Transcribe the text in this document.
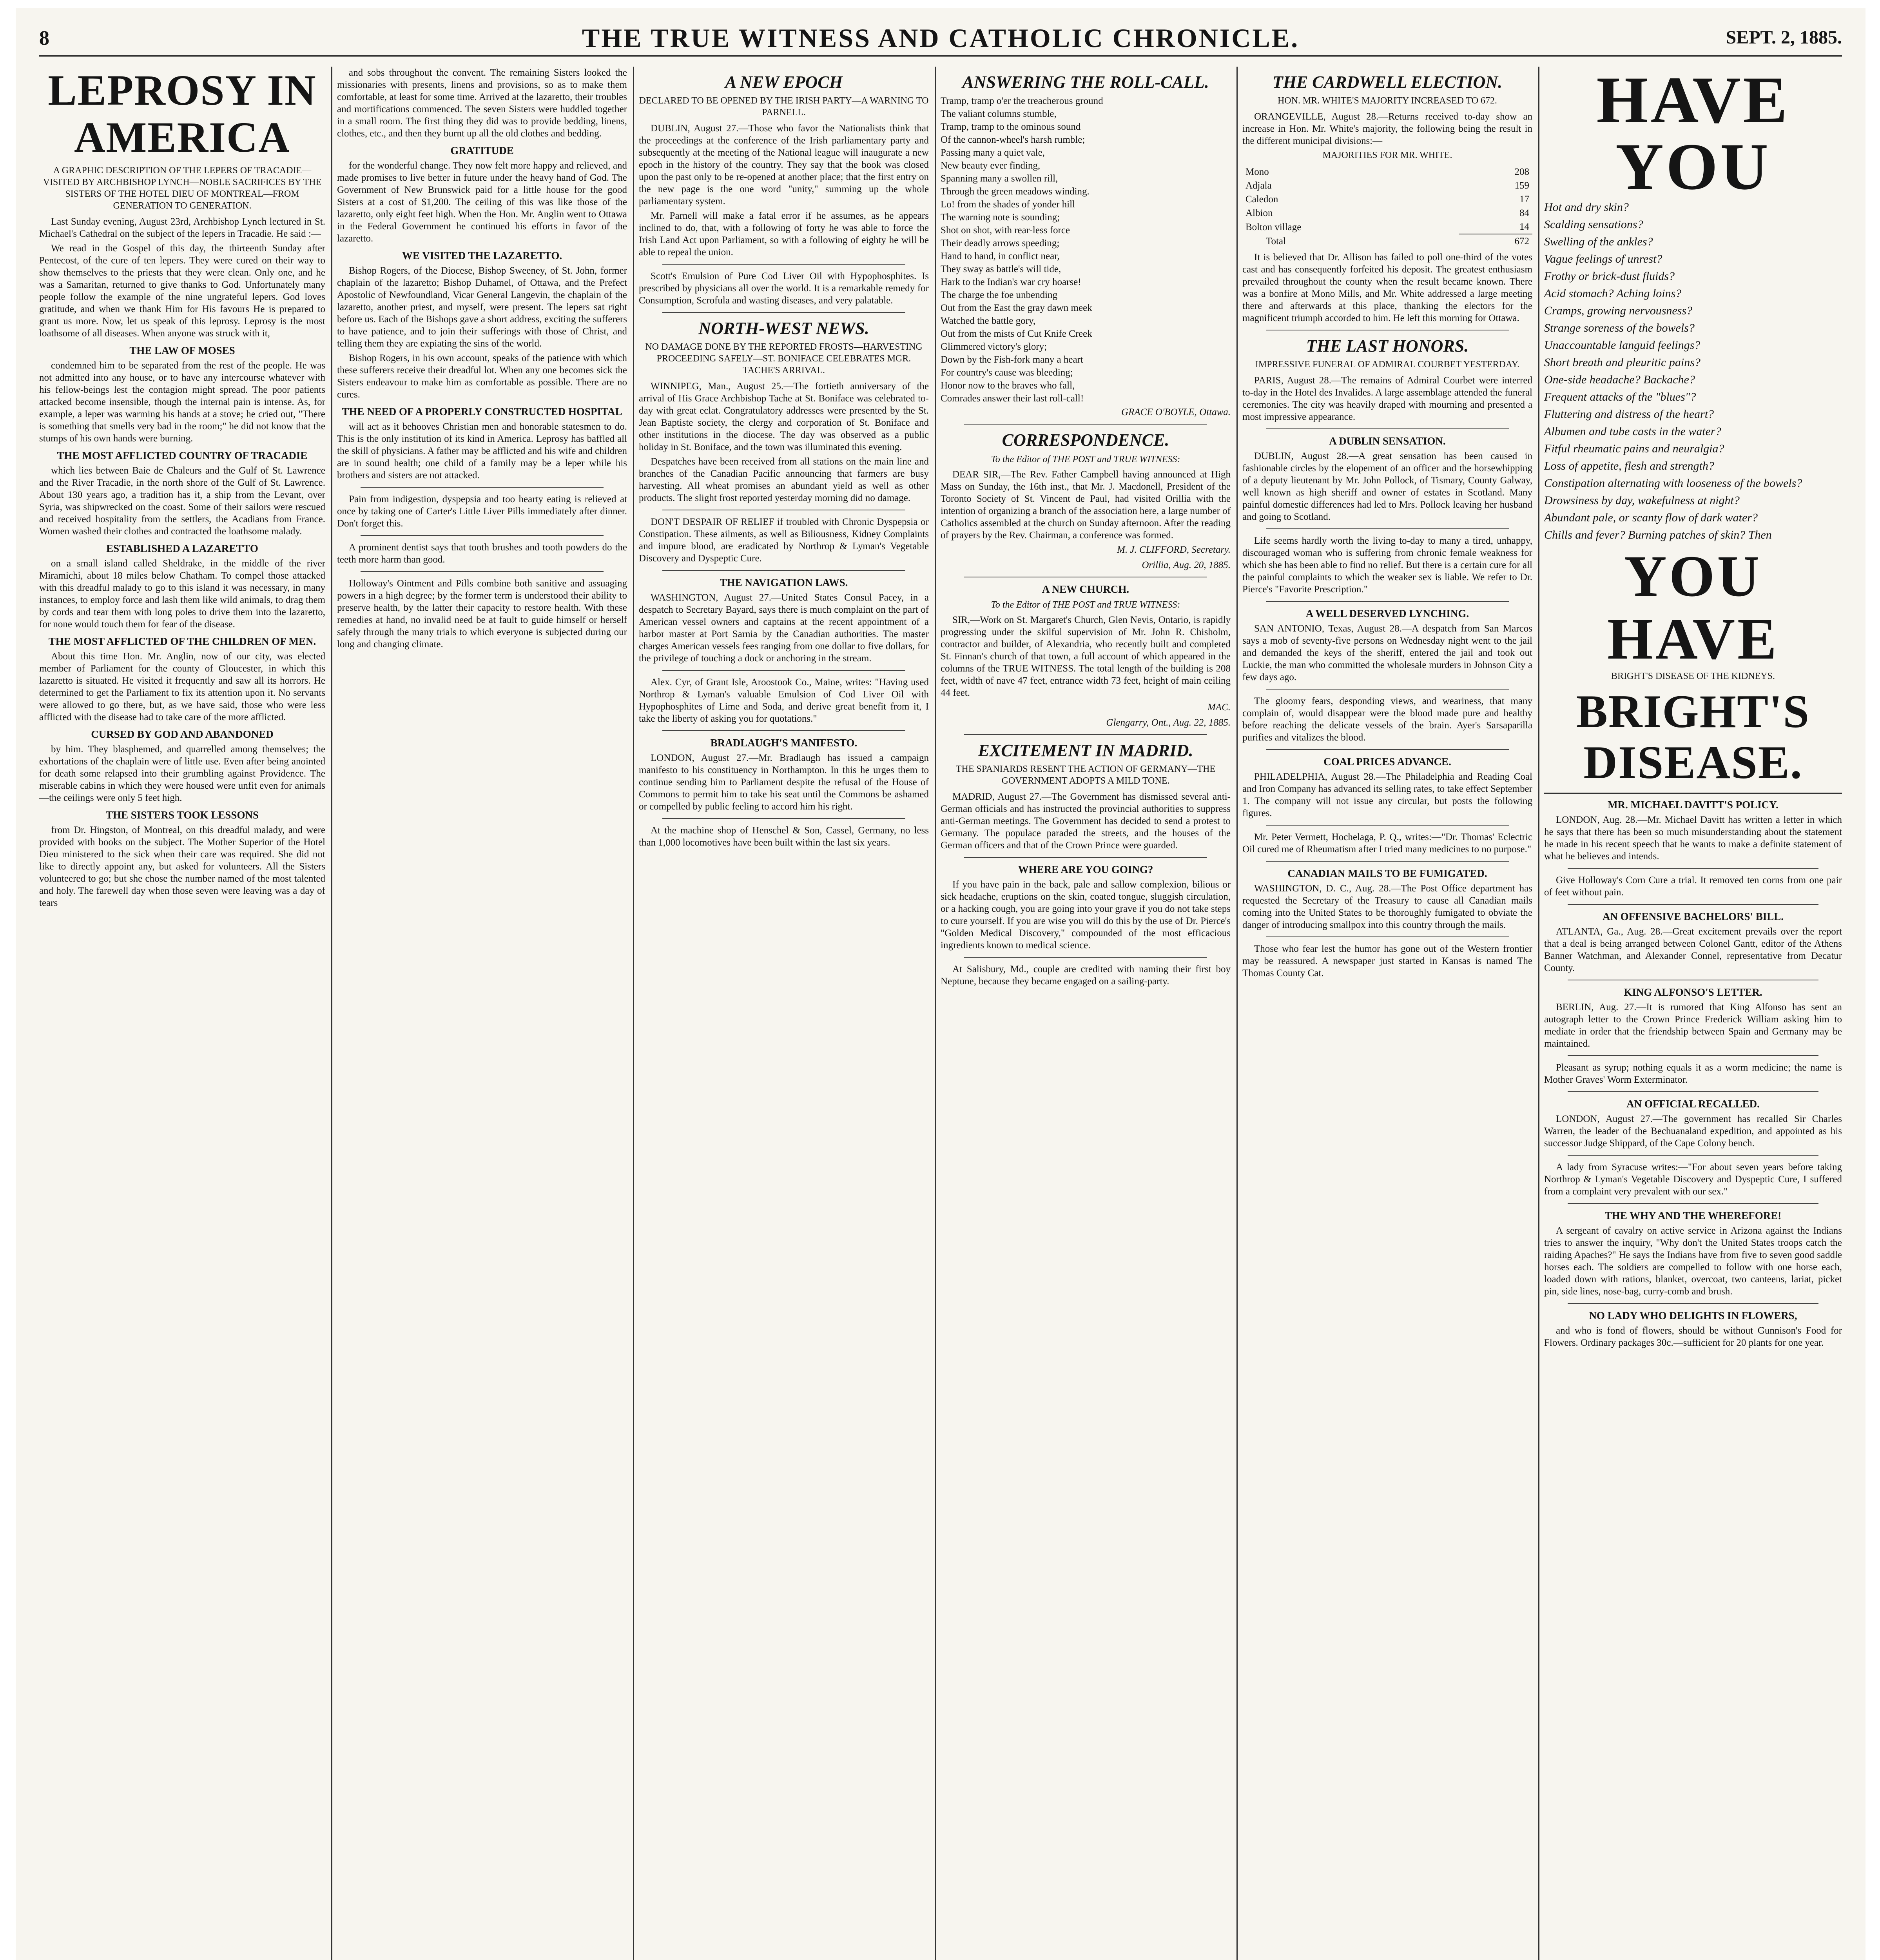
8	THE TRUE WITNESS AND CATHOLIC CHRONICLE.	SEPT. 2, 1885.
LEPROSY IN AMERICA
A GRAPHIC DESCRIPTION OF THE LEPERS OF TRACADIE—VISITED BY ARCHBISHOP LYNCH—NOBLE SACRIFICES BY THE SISTERS OF THE HOTEL DIEU OF MONTREAL—FROM GENERATION TO GENERATION.

Last Sunday evening, August 23rd, Archbishop Lynch lectured in St. Michael's Cathedral on the subject of the lepers in Tracadie. He said :—

We read in the Gospel of this day, the thirteenth Sunday after Pentecost, of the cure of ten lepers. They were cured on their way to show themselves to the priests that they were clean. Only one, and he was a Samaritan, returned to give thanks to God. Unfortunately many people follow the example of the nine ungrateful lepers. God loves gratitude, and when we thank Him for His favours He is prepared to grant us more. Now, let us speak of this leprosy. Leprosy is the most loathsome of all diseases. When anyone was struck with it,

THE LAW OF MOSES

condemned him to be separated from the rest of the people. He was not admitted into any house, or to have any intercourse whatever with his fellow-beings lest the contagion might spread. The poor patients attacked become insensible, though the internal pain is intense. As, for example, a leper was warming his hands at a stove; he cried out, "There is something that smells very bad in the room;" he did not know that the stumps of his own hands were burning.

THE MOST AFFLICTED COUNTRY OF TRACADIE

which lies between Baie de Chaleurs and the Gulf of St. Lawrence and the River Tracadie, in the north shore of the Gulf of St. Lawrence. About 130 years ago, a tradition has it, a ship from the Levant, over Syria, was shipwrecked on the coast. Some of their sailors were rescued and received hospitality from the settlers, the Acadians from France. Women washed their clothes and contracted the loathsome malady.

ESTABLISHED A LAZARETTO

on a small island called Sheldrake, in the middle of the river Miramichi, about 18 miles below Chatham. To compel those attacked with this dreadful malady to go to this island it was necessary, in many instances, to employ force and lash them like wild animals, to drag them by cords and tear them with long poles to drive them into the lazaretto, for none would touch them for fear of the disease.

THE MOST AFFLICTED OF THE CHILDREN OF MEN.

About this time Hon. Mr. Anglin, now of our city, was elected member of Parliament for the county of Gloucester, in which this lazaretto is situated. He visited it frequently and saw all its horrors. He determined to get the Parliament to fix its attention upon it. No servants were allowed to go there, but, as we have said, those who were less afflicted with the disease had to take care of the more afflicted.

CURSED BY GOD AND ABANDONED

by him. They blasphemed, and quarrelled among themselves; the exhortations of the chaplain were of little use. Even after being anointed for death some relapsed into their grumbling against Providence. The miserable cabins in which they were housed were unfit even for animals—the ceilings were only 5 feet high.

THE SISTERS TOOK LESSONS

from Dr. Hingston, of Montreal, on this dreadful malady, and were provided with books on the subject. The Mother Superior of the Hotel Dieu ministered to the sick when their care was required. She did not like to directly appoint any, but asked for volunteers. All the Sisters volunteered to go; but she chose the number named of the most talented and holy. The farewell day when those seven were leaving was a day of tears

and sobs throughout the convent. The remaining Sisters looked the missionaries with presents, linens and provisions, so as to make them comfortable, at least for some time. Arrived at the lazaretto, their troubles and mortifications commenced. The seven Sisters were huddled together in a small room. The first thing they did was to provide bedding, linens, clothes, etc., and then they burnt up all the old clothes and bedding.

GRATITUDE

for the wonderful change. They now felt more happy and relieved, and made promises to live better in future under the heavy hand of God. The Government of New Brunswick paid for a little house for the good Sisters at a cost of $1,200. The ceiling of this was like those of the lazaretto, only eight feet high. When the Hon. Mr. Anglin went to Ottawa in the Federal Government he continued his efforts in favor of the lazaretto.

WE VISITED THE LAZARETTO.

Bishop Rogers, of the Diocese, Bishop Sweeney, of St. John, former chaplain of the lazaretto; Bishop Duhamel, of Ottawa, and the Prefect Apostolic of Newfoundland, Vicar General Langevin, the chaplain of the lazaretto, another priest, and myself, were present. The lepers sat right before us. Each of the Bishops gave a short address, exciting the sufferers to have patience, and to join their sufferings with those of Christ, and telling them they are expiating the sins of the world.

Bishop Rogers, in his own account, speaks of the patience with which these sufferers receive their dreadful lot. When any one becomes sick the Sisters endeavour to make him as comfortable as possible. There are no cures.

THE NEED OF A PROPERLY CONSTRUCTED HOSPITAL

will act as it behooves Christian men and honorable statesmen to do. This is the only institution of its kind in America. Leprosy has baffled all the skill of physicians. A father may be afflicted and his wife and children are in sound health; one child of a family may be a leper while his brothers and sisters are not attacked.

Pain from indigestion, dyspepsia and too hearty eating is relieved at once by taking one of Carter's Little Liver Pills immediately after dinner. Don't forget this.

A prominent dentist says that tooth brushes and tooth powders do the teeth more harm than good.

Holloway's Ointment and Pills combine both sanitive and assuaging powers in a high degree; by the former term is understood their ability to preserve health, by the latter their capacity to restore health. With these remedies at hand, no invalid need be at fault to guide himself or herself safely through the many trials to which everyone is subjected during our long and changing climate.

A NEW EPOCH
DECLARED TO BE OPENED BY THE IRISH PARTY—A WARNING TO PARNELL.

DUBLIN, August 27.—Those who favor the Nationalists think that the proceedings at the conference of the Irish parliamentary party and subsequently at the meeting of the National league will inaugurate a new epoch in the history of the country. They say that the book was closed upon the past only to be re-opened at another place; that the first entry on the new page is the one word "unity," summing up the whole parliamentary system.

Mr. Parnell will make a fatal error if he assumes, as he appears inclined to do, that, with a following of forty he was able to force the Irish Land Act upon Parliament, so with a following of eighty he will be able to repeal the union.

Scott's Emulsion of Pure Cod Liver Oil with Hypophosphites. Is prescribed by physicians all over the world. It is a remarkable remedy for Consumption, Scrofula and wasting diseases, and very palatable.

NORTH-WEST NEWS.
NO DAMAGE DONE BY THE REPORTED FROSTS—HARVESTING PROCEEDING SAFELY—ST. BONIFACE CELEBRATES MGR. TACHE'S ARRIVAL.

WINNIPEG, Man., August 25.—The fortieth anniversary of the arrival of His Grace Archbishop Tache at St. Boniface was celebrated to-day with great eclat. Congratulatory addresses were presented by the St. Jean Baptiste society, the clergy and corporation of St. Boniface and other institutions in the diocese. The day was observed as a public holiday in St. Boniface, and the town was illuminated this evening.

Despatches have been received from all stations on the main line and branches of the Canadian Pacific announcing that farmers are busy harvesting. All wheat promises an abundant yield as well as other products. The slight frost reported yesterday morning did no damage.

DON'T DESPAIR OF RELIEF if troubled with Chronic Dyspepsia or Constipation. These ailments, as well as Biliousness, Kidney Complaints and impure blood, are eradicated by Northrop & Lyman's Vegetable Discovery and Dyspeptic Cure.

THE NAVIGATION LAWS.

WASHINGTON, August 27.—United States Consul Pacey, in a despatch to Secretary Bayard, says there is much complaint on the part of American vessel owners and captains at the recent appointment of a harbor master at Port Sarnia by the Canadian authorities. The master charges American vessels fees ranging from one dollar to five dollars, for the privilege of touching a dock or anchoring in the stream.

Alex. Cyr, of Grant Isle, Aroostook Co., Maine, writes: "Having used Northrop & Lyman's valuable Emulsion of Cod Liver Oil with Hypophosphites of Lime and Soda, and derive great benefit from it, I take the liberty of asking you for quotations."

BRADLAUGH'S MANIFESTO.

LONDON, August 27.—Mr. Bradlaugh has issued a campaign manifesto to his constituency in Northampton. In this he urges them to continue sending him to Parliament despite the refusal of the House of Commons to permit him to take his seat until the Commons be ashamed or compelled by public feeling to accord him his right.

At the machine shop of Henschel & Son, Cassel, Germany, no less than 1,000 locomotives have been built within the last six years.

ANSWERING THE ROLL-CALL.

Tramp, tramp o'er the treacherous ground

The valiant columns stumble,

Tramp, tramp to the ominous sound

Of the cannon-wheel's harsh rumble;

Passing many a quiet vale,

New beauty ever finding,

Spanning many a swollen rill,

Through the green meadows winding.

Lo! from the shades of yonder hill

The warning note is sounding;

Shot on shot, with rear-less force

Their deadly arrows speeding;

Hand to hand, in conflict near,

They sway as battle's will tide,

Hark to the Indian's war cry hoarse!

The charge the foe unbending

Out from the East the gray dawn meek

Watched the battle gory,

Out from the mists of Cut Knife Creek

Glimmered victory's glory;

Down by the Fish-fork many a heart

For country's cause was bleeding;

Honor now to the braves who fall,

Comrades answer their last roll-call!

GRACE O'BOYLE, Ottawa.
CORRESPONDENCE.
To the Editor of THE POST and TRUE WITNESS:

DEAR SIR,—The Rev. Father Campbell having announced at High Mass on Sunday, the 16th inst., that Mr. J. Macdonell, President of the Toronto Society of St. Vincent de Paul, had visited Orillia with the intention of organizing a branch of the association here, a large number of Catholics assembled at the church on Sunday afternoon. After the reading of prayers by the Rev. Chairman, a conference was formed.

M. J. CLIFFORD, Secretary.
Orillia, Aug. 20, 1885.
A NEW CHURCH.
To the Editor of THE POST and TRUE WITNESS:

SIR,—Work on St. Margaret's Church, Glen Nevis, Ontario, is rapidly progressing under the skilful supervision of Mr. John R. Chisholm, contractor and builder, of Alexandria, who recently built and completed St. Finnan's church of that town, a full account of which appeared in the columns of the TRUE WITNESS. The total length of the building is 208 feet, width of nave 47 feet, entrance width 73 feet, height of main ceiling 44 feet.

MAC.
Glengarry, Ont., Aug. 22, 1885.
EXCITEMENT IN MADRID.
THE SPANIARDS RESENT THE ACTION OF GERMANY—THE GOVERNMENT ADOPTS A MILD TONE.

MADRID, August 27.—The Government has dismissed several anti-German officials and has instructed the provincial authorities to suppress anti-German meetings. The Government has decided to send a protest to Germany. The populace paraded the streets, and the houses of the German officers and that of the Crown Prince were guarded.

WHERE ARE YOU GOING?

If you have pain in the back, pale and sallow complexion, bilious or sick headache, eruptions on the skin, coated tongue, sluggish circulation, or a hacking cough, you are going into your grave if you do not take steps to cure yourself. If you are wise you will do this by the use of Dr. Pierce's "Golden Medical Discovery," compounded of the most efficacious ingredients known to medical science.

At Salisbury, Md., couple are credited with naming their first boy Neptune, because they became engaged on a sailing-party.

THE CARDWELL ELECTION.
HON. MR. WHITE'S MAJORITY INCREASED TO 672.

ORANGEVILLE, August 28.—Returns received to-day show an increase in Hon. Mr. White's majority, the following being the result in the different municipal divisions:—

MAJORITIES FOR MR. WHITE.
Mono	208
Adjala	159
Caledon	17
Albion	84
Bolton village	14
Total	672

It is believed that Dr. Allison has failed to poll one-third of the votes cast and has consequently forfeited his deposit. The greatest enthusiasm prevailed throughout the county when the result became known. There was a bonfire at Mono Mills, and Mr. White addressed a large meeting there and afterwards at this place, thanking the electors for the magnificent triumph accorded to him. He left this morning for Ottawa.

THE LAST HONORS.
IMPRESSIVE FUNERAL OF ADMIRAL COURBET YESTERDAY.

PARIS, August 28.—The remains of Admiral Courbet were interred to-day in the Hotel des Invalides. A large assemblage attended the funeral ceremonies. The city was heavily draped with mourning and presented a most impressive appearance.

A DUBLIN SENSATION.

DUBLIN, August 28.—A great sensation has been caused in fashionable circles by the elopement of an officer and the horsewhipping of a deputy lieutenant by Mr. John Pollock, of Tismary, County Galway, well known as high sheriff and owner of estates in Scotland. Many painful domestic differences had led to Mrs. Pollock leaving her husband and going to Scotland.

Life seems hardly worth the living to-day to many a tired, unhappy, discouraged woman who is suffering from chronic female weakness for which she has been able to find no relief. But there is a certain cure for all the painful complaints to which the weaker sex is liable. We refer to Dr. Pierce's "Favorite Prescription."

A WELL DESERVED LYNCHING.

SAN ANTONIO, Texas, August 28.—A despatch from San Marcos says a mob of seventy-five persons on Wednesday night went to the jail and demanded the keys of the sheriff, entered the jail and took out Luckie, the man who committed the wholesale murders in Johnson City a few days ago.

The gloomy fears, desponding views, and weariness, that many complain of, would disappear were the blood made pure and healthy before reaching the delicate vessels of the brain. Ayer's Sarsaparilla purifies and vitalizes the blood.

COAL PRICES ADVANCE.

PHILADELPHIA, August 28.—The Philadelphia and Reading Coal and Iron Company has advanced its selling rates, to take effect September 1. The company will not issue any circular, but posts the following figures.

Mr. Peter Vermett, Hochelaga, P. Q., writes:—"Dr. Thomas' Eclectric Oil cured me of Rheumatism after I tried many medicines to no purpose."

CANADIAN MAILS TO BE FUMIGATED.

WASHINGTON, D. C., Aug. 28.—The Post Office department has requested the Secretary of the Treasury to cause all Canadian mails coming into the United States to be thoroughly fumigated to obviate the danger of introducing smallpox into this country through the mails.

Those who fear lest the humor has gone out of the Western frontier may be reassured. A newspaper just started in Kansas is named The Thomas County Cat.

HAVE YOU

Hot and dry skin?

Scalding sensations?

Swelling of the ankles?

Vague feelings of unrest?

Frothy or brick-dust fluids?

Acid stomach? Aching loins?

Cramps, growing nervousness?

Strange soreness of the bowels?

Unaccountable languid feelings?

Short breath and pleuritic pains?

One-side headache? Backache?

Frequent attacks of the "blues"?

Fluttering and distress of the heart?

Albumen and tube casts in the water?

Fitful rheumatic pains and neuralgia?

Loss of appetite, flesh and strength?

Constipation alternating with looseness of the bowels?

Drowsiness by day, wakefulness at night?

Abundant pale, or scanty flow of dark water?

Chills and fever? Burning patches of skin? Then

YOU HAVE
BRIGHT'S DISEASE OF THE KIDNEYS.
BRIGHT'S DISEASE.
MR. MICHAEL DAVITT'S POLICY.

LONDON, Aug. 28.—Mr. Michael Davitt has written a letter in which he says that there has been so much misunderstanding about the statement he made in his recent speech that he wants to make a definite statement of what he believes and intends.

Give Holloway's Corn Cure a trial. It removed ten corns from one pair of feet without pain.

AN OFFENSIVE BACHELORS' BILL.

ATLANTA, Ga., Aug. 28.—Great excitement prevails over the report that a deal is being arranged between Colonel Gantt, editor of the Athens Banner Watchman, and Alexander Connel, representative from Decatur County.

KING ALFONSO'S LETTER.

BERLIN, Aug. 27.—It is rumored that King Alfonso has sent an autograph letter to the Crown Prince Frederick William asking him to mediate in order that the friendship between Spain and Germany may be maintained.

Pleasant as syrup; nothing equals it as a worm medicine; the name is Mother Graves' Worm Exterminator.

AN OFFICIAL RECALLED.

LONDON, August 27.—The government has recalled Sir Charles Warren, the leader of the Bechuanaland expedition, and appointed as his successor Judge Shippard, of the Cape Colony bench.

A lady from Syracuse writes:—"For about seven years before taking Northrop & Lyman's Vegetable Discovery and Dyspeptic Cure, I suffered from a complaint very prevalent with our sex."

THE WHY AND THE WHEREFORE!

A sergeant of cavalry on active service in Arizona against the Indians tries to answer the inquiry, "Why don't the United States troops catch the raiding Apaches?" He says the Indians have from five to seven good saddle horses each. The soldiers are compelled to follow with one horse each, loaded down with rations, blanket, overcoat, two canteens, lariat, picket pin, side lines, nose-bag, curry-comb and brush.

NO LADY WHO DELIGHTS IN FLOWERS,

and who is fond of flowers, should be without Gunnison's Food for Flowers. Ordinary packages 30c.—sufficient for 20 plants for one year.
